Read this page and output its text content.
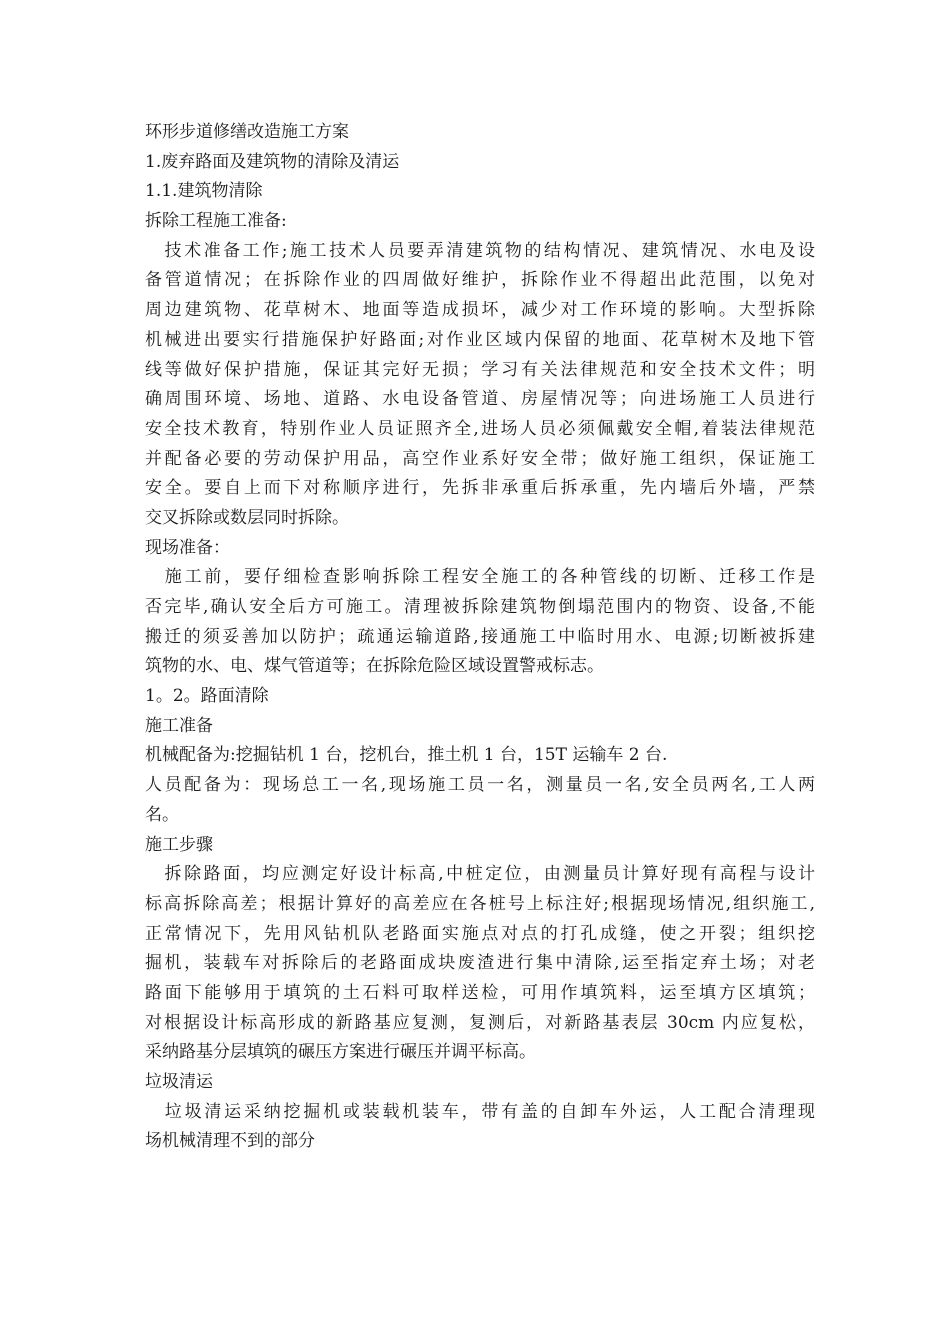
环形步道修缮改造施工方案
1.废弃路面及建筑物的清除及清运
1.1.建筑物清除
拆除工程施工准备:
　技术准备工作;施工技术人员要弄清建筑物的结构情况、建筑情况、水电及设
备管道情况；在拆除作业的四周做好维护，拆除作业不得超出此范围，以免对
周边建筑物、花草树木、地面等造成损坏，减少对工作环境的影响。大型拆除
机械进出要实行措施保护好路面;对作业区域内保留的地面、花草树木及地下管
线等做好保护措施，保证其完好无损；学习有关法律规范和安全技术文件；明
确周围环境、场地、道路、水电设备管道、房屋情况等；向进场施工人员进行
安全技术教育，特别作业人员证照齐全,进场人员必须佩戴安全帽,着装法律规范
并配备必要的劳动保护用品，高空作业系好安全带；做好施工组织，保证施工
安全。要自上而下对称顺序进行，先拆非承重后拆承重，先内墙后外墙，严禁
交叉拆除或数层同时拆除。
现场准备：
　施工前，要仔细检查影响拆除工程安全施工的各种管线的切断、迁移工作是
否完毕,确认安全后方可施工。清理被拆除建筑物倒塌范围内的物资、设备,不能
搬迁的须妥善加以防护；疏通运输道路,接通施工中临时用水、电源;切断被拆建
筑物的水、电、煤气管道等；在拆除危险区域设置警戒标志。
1。2。路面清除
施工准备
机械配备为:挖掘钻机 1 台，挖机台，推土机 1 台，15T 运输车 2 台.
人员配备为：现场总工一名,现场施工员一名，测量员一名,安全员两名,工人两
名。
施工步骤
　拆除路面，均应测定好设计标高,中桩定位，由测量员计算好现有高程与设计
标高拆除高差；根据计算好的高差应在各桩号上标注好;根据现场情况,组织施工,
正常情况下，先用风钻机队老路面实施点对点的打孔成缝，使之开裂；组织挖
掘机，装载车对拆除后的老路面成块废渣进行集中清除,运至指定弃土场；对老
路面下能够用于填筑的土石料可取样送检，可用作填筑料，运至填方区填筑；
对根据设计标高形成的新路基应复测，复测后，对新路基表层 30cm 内应复松，
采纳路基分层填筑的碾压方案进行碾压并调平标高。
垃圾清运
　垃圾清运采纳挖掘机或装载机装车，带有盖的自卸车外运，人工配合清理现
场机械清理不到的部分
